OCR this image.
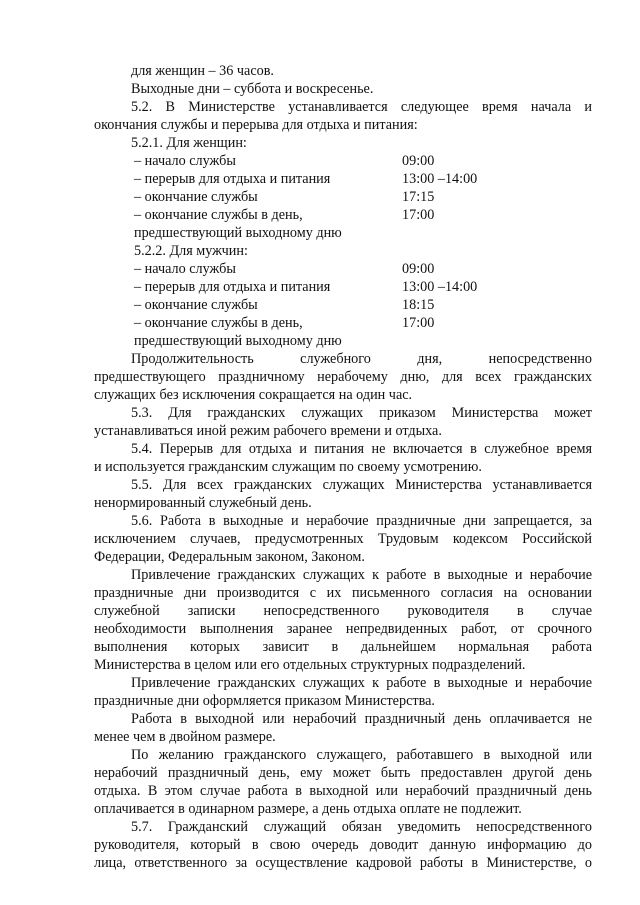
для женщин – 36 часов.
Выходные дни – суббота и воскресенье.
5.2. В Министерстве устанавливается следующее время начала и
окончания службы и перерыва для отдыха и питания:
5.2.1. Для женщин:
– начало службы	09:00
– перерыв для отдыха и питания	13:00 –14:00
– окончание службы	17:15
– окончание службы в день,	17:00
предшествующий выходному дню
5.2.2. Для мужчин:
– начало службы	09:00
– перерыв для отдыха и питания	13:00 –14:00
– окончание службы	18:15
– окончание службы в день,	17:00
предшествующий выходному дню
Продолжительность служебного дня, непосредственно
предшествующего праздничному нерабочему дню, для всех гражданских
служащих без исключения сокращается на один час.
5.3. Для гражданских служащих приказом Министерства может
устанавливаться иной режим рабочего времени и отдыха.
5.4. Перерыв для отдыха и питания не включается в служебное время
и используется гражданским служащим по своему усмотрению.
5.5. Для всех гражданских служащих Министерства устанавливается
ненормированный служебный день.
5.6. Работа в выходные и нерабочие праздничные дни запрещается, за
исключением случаев, предусмотренных Трудовым кодексом Российской
Федерации, Федеральным законом, Законом.
Привлечение гражданских служащих к работе в выходные и нерабочие
праздничные дни производится с их письменного согласия на основании
служебной записки непосредственного руководителя в случае
необходимости выполнения заранее непредвиденных работ, от срочного
выполнения которых зависит в дальнейшем нормальная работа
Министерства в целом или его отдельных структурных подразделений.
Привлечение гражданских служащих к работе в выходные и нерабочие
праздничные дни оформляется приказом Министерства.
Работа в выходной или нерабочий праздничный день оплачивается не
менее чем в двойном размере.
По желанию гражданского служащего, работавшего в выходной или
нерабочий праздничный день, ему может быть предоставлен другой день
отдыха. В этом случае работа в выходной или нерабочий праздничный день
оплачивается в одинарном размере, а день отдыха оплате не подлежит.
5.7. Гражданский служащий обязан уведомить непосредственного
руководителя, который в свою очередь доводит данную информацию до
лица, ответственного за осуществление кадровой работы в Министерстве, о
